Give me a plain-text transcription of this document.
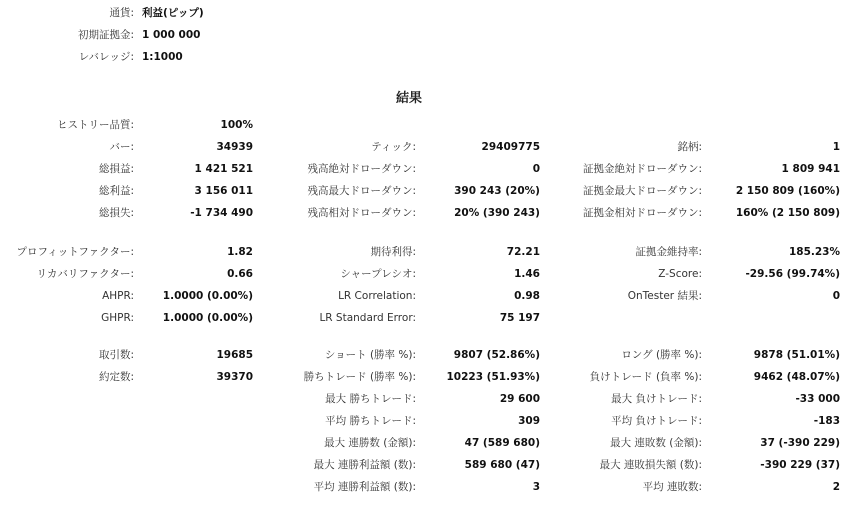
通貨: 利益(ピップ)
初期証拠金: 1 000 000
レバレッジ: 1:1000
結果
ヒストリー品質:	100%
バー:	34939	ティック:	29409775	銘柄:	1
総損益:	1 421 521	残高絶対ドローダウン:	0	証拠金絶対ドローダウン:	1 809 941
総利益:	3 156 011	残高最大ドローダウン:	390 243 (20%)	証拠金最大ドローダウン:	2 150 809 (160%)
総損失:	-1 734 490	残高相対ドローダウン:	20% (390 243)	証拠金相対ドローダウン:	160% (2 150 809)
プロフィットファクター:	1.82	期待利得:	72.21	証拠金維持率:	185.23%
リカバリファクター:	0.66	シャープレシオ:	1.46	Z-Score:	-29.56 (99.74%)
AHPR:	1.0000 (0.00%)	LR Correlation:	0.98	OnTester 結果:	0
GHPR:	1.0000 (0.00%)	LR Standard Error:	75 197
取引数:	19685	ショート (勝率 %):	9807 (52.86%)	ロング (勝率 %):	9878 (51.01%)
約定数:	39370	勝ちトレード (勝率 %):	10223 (51.93%)	負けトレード (負率 %):	9462 (48.07%)
最大 勝ちトレード:	29 600	最大 負けトレード:	-33 000
平均 勝ちトレード:	309	平均 負けトレード:	-183
最大 連勝数 (金額):	47 (589 680)	最大 連敗数 (金額):	37 (-390 229)
最大 連勝利益額 (数):	589 680 (47)	最大 連敗損失額 (数):	-390 229 (37)
平均 連勝利益額 (数):	3	平均 連敗数:	2
